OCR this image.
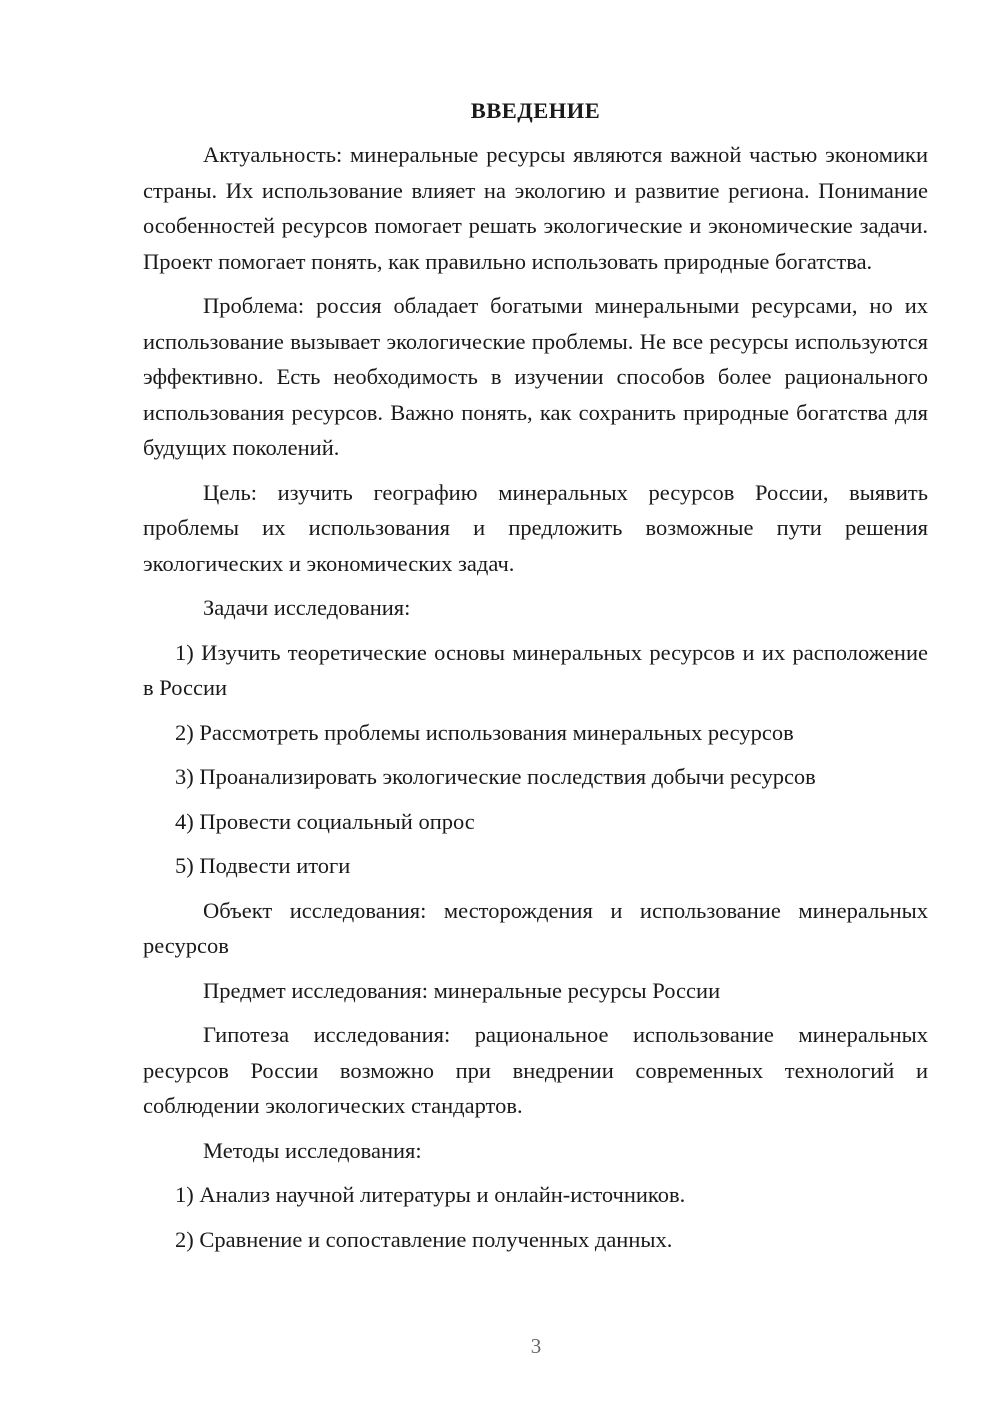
ВВЕДЕНИЕ

Актуальность: минеральные ресурсы являются важной частью экономики страны. Их использование влияет на экологию и развитие региона. Понимание особенностей ресурсов помогает решать экологические и экономические задачи. Проект помогает понять, как правильно использовать природные богатства.

Проблема: россия обладает богатыми минеральными ресурсами, но их использование вызывает экологические проблемы. Не все ресурсы используются эффективно. Есть необходимость в изучении способов более рационального использования ресурсов. Важно понять, как сохранить природные богатства для будущих поколений.

Цель: изучить географию минеральных ресурсов России, выявить проблемы их использования и предложить возможные пути решения экологических и экономических задач.

Задачи исследования:

1) Изучить теоретические основы минеральных ресурсов и их расположение в России

2) Рассмотреть проблемы использования минеральных ресурсов

3) Проанализировать экологические последствия добычи ресурсов

4) Провести социальный опрос

5) Подвести итоги

Объект исследования: месторождения и использование минеральных ресурсов

Предмет исследования: минеральные ресурсы России

Гипотеза исследования: рациональное использование минеральных ресурсов России возможно при внедрении современных технологий и соблюдении экологических стандартов.

Методы исследования:

1) Анализ научной литературы и онлайн-источников.

2) Сравнение и сопоставление полученных данных.

3
